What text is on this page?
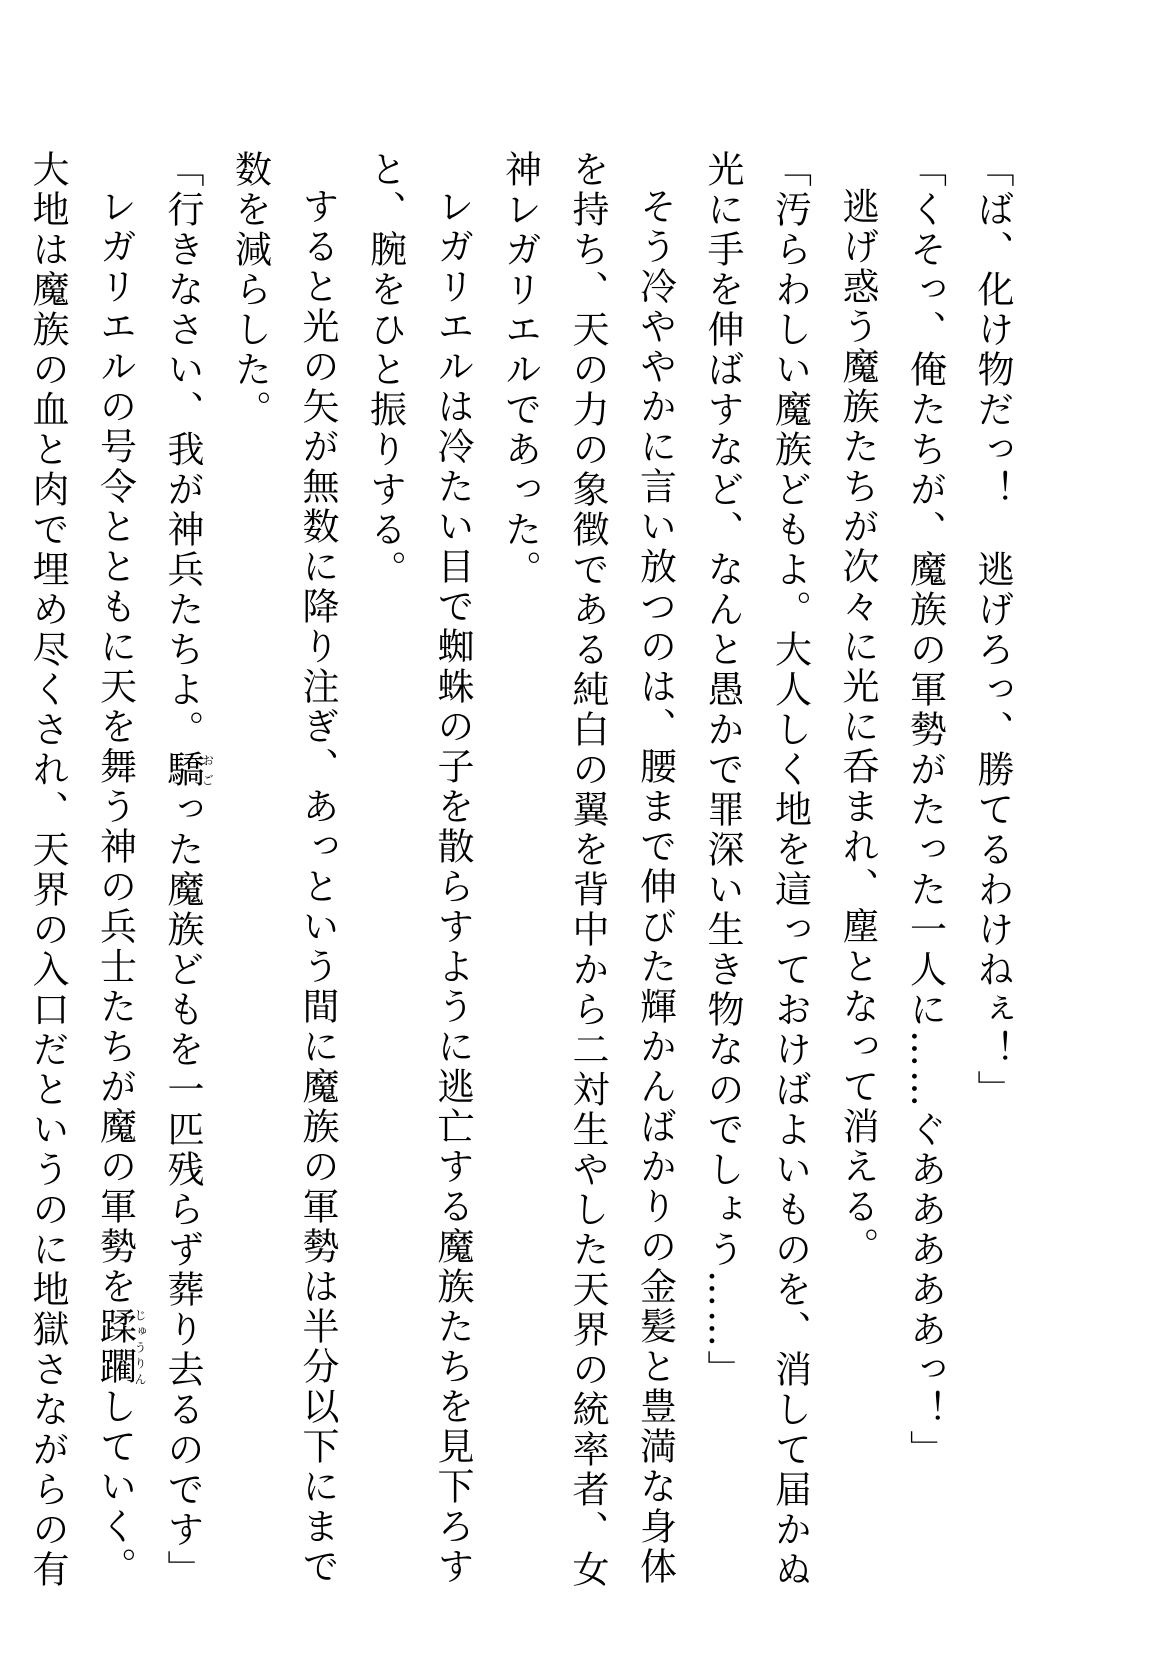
「ば、化け物だっ！　逃げろっ、勝てるわけねぇ！」

「くそっ、俺たちが、魔族の軍勢がたった一人に……ぐあああああっ！」

逃げ惑う魔族たちが次々に光に呑まれ、塵となって消える。

「汚らわしい魔族どもよ。大人しく地を這っておけばよいものを、消して届かぬ

光に手を伸ばすなど、なんと愚かで罪深い生き物なのでしょう……」

そう冷ややかに言い放つのは、腰まで伸びた輝かんばかりの金髪と豊満な身体

を持ち、天の力の象徴である純白の翼を背中から二対生やした天界の統率者、女

神レガリエルであった。

レガリエルは冷たい目で蜘蛛の子を散らすように逃亡する魔族たちを見下ろす

と、腕をひと振りする。

すると光の矢が無数に降り注ぎ、あっという間に魔族の軍勢は半分以下にまで

数を減らした。

「行きなさい、我が神兵たちよ。驕おごった魔族どもを一匹残らず葬り去るのです」

レガリエルの号令とともに天を舞う神の兵士たちが魔の軍勢を蹂躙じゅうりんしていく。

大地は魔族の血と肉で埋め尽くされ、天界の入口だというのに地獄さながらの有
